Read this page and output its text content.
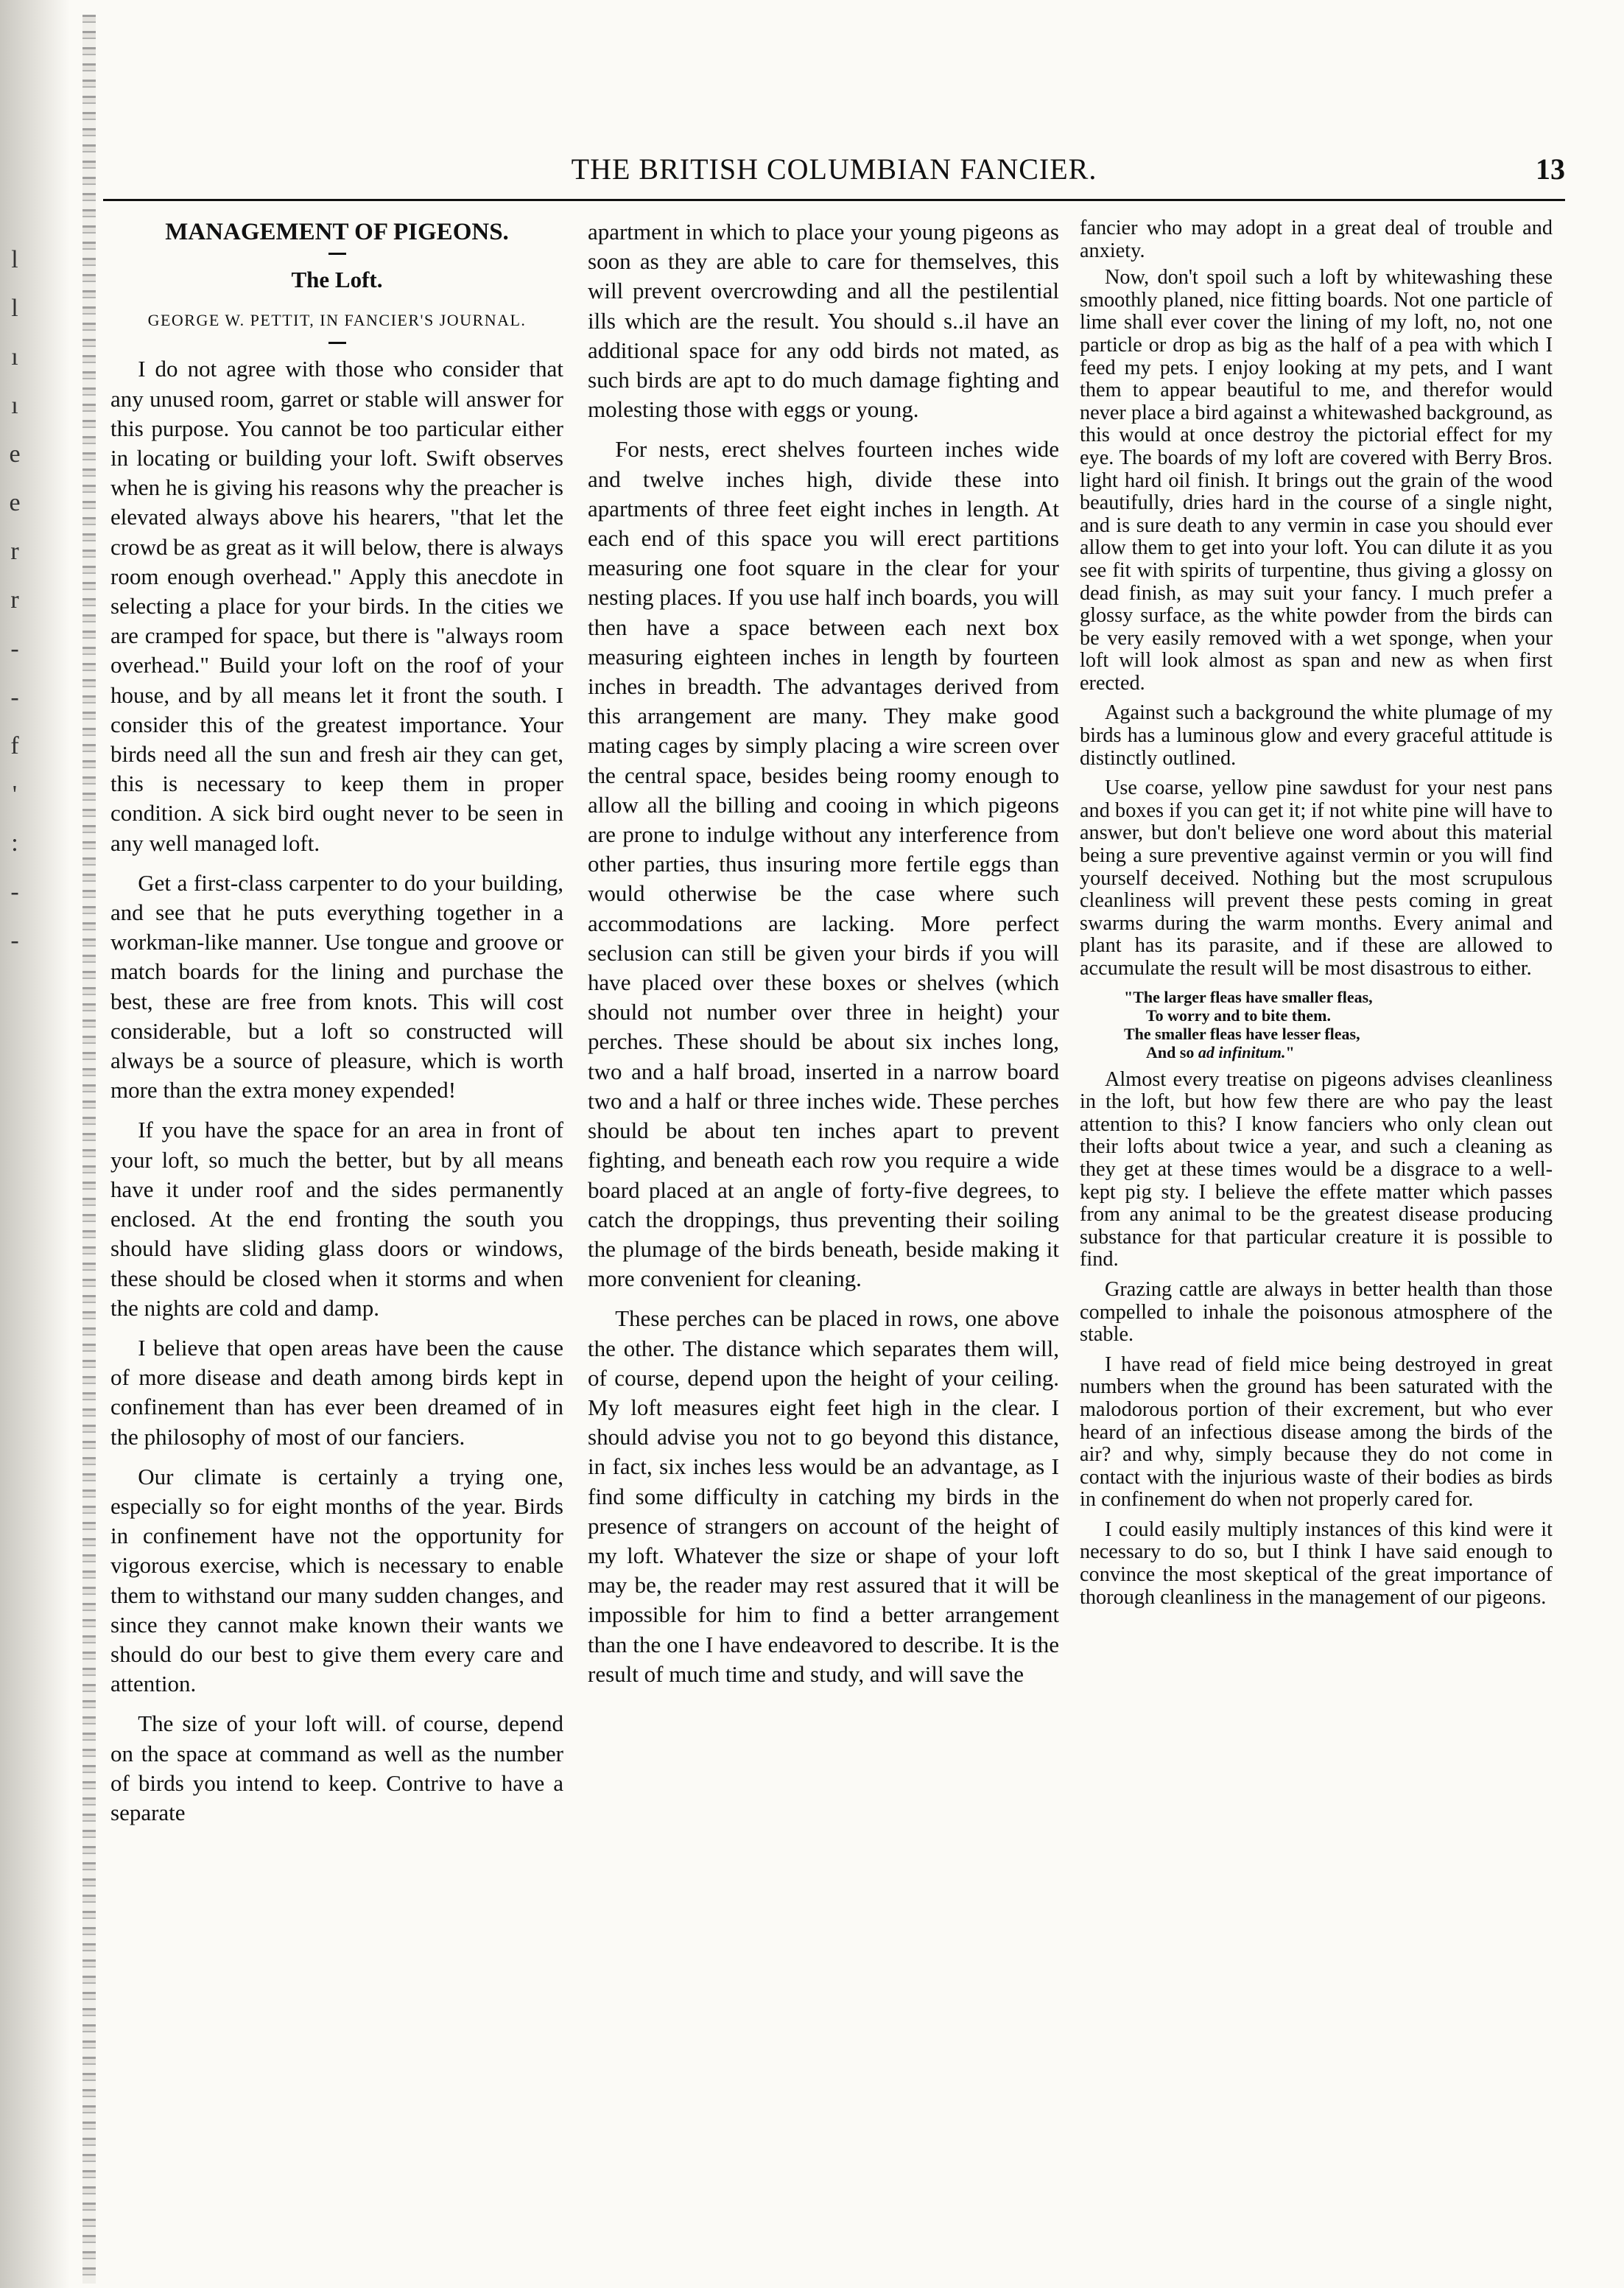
l
l
ı
ı
e
e
r
r
-
-
f
'
:
-
-
THE BRITISH COLUMBIAN FANCIER.	13
MANAGEMENT OF PIGEONS.
The Loft.
GEORGE W. PETTIT, IN FANCIER'S JOURNAL.

I do not agree with those who consider that any unused room, garret or stable will answer for this purpose. You cannot be too particular either in locating or building your loft. Swift observes when he is giving his reasons why the preacher is elevated always above his hearers, "that let the crowd be as great as it will below, there is always room enough overhead." Apply this anecdote in selecting a place for your birds. In the cities we are cramped for space, but there is "always room overhead." Build your loft on the roof of your house, and by all means let it front the south. I consider this of the greatest importance. Your birds need all the sun and fresh air they can get, this is necessary to keep them in proper condition. A sick bird ought never to be seen in any well managed loft.

Get a first-class carpenter to do your building, and see that he puts everything together in a workman-like manner. Use tongue and groove or match boards for the lining and purchase the best, these are free from knots. This will cost considerable, but a loft so constructed will always be a source of pleasure, which is worth more than the extra money expended!

If you have the space for an area in front of your loft, so much the better, but by all means have it under roof and the sides permanently enclosed. At the end fronting the south you should have sliding glass doors or windows, these should be closed when it storms and when the nights are cold and damp.

I believe that open areas have been the cause of more disease and death among birds kept in confinement than has ever been dreamed of in the philosophy of most of our fanciers.

Our climate is certainly a trying one, especially so for eight months of the year. Birds in confinement have not the opportunity for vigorous exercise, which is necessary to enable them to withstand our many sudden changes, and since they cannot make known their wants we should do our best to give them every care and attention.

The size of your loft will. of course, depend on the space at command as well as the number of birds you intend to keep. Contrive to have a separate

apartment in which to place your young pigeons as soon as they are able to care for themselves, this will prevent overcrowding and all the pestilential ills which are the result. You should s..il have an additional space for any odd birds not mated, as such birds are apt to do much damage fighting and molesting those with eggs or young.

For nests, erect shelves fourteen inches wide and twelve inches high, divide these into apartments of three feet eight inches in length. At each end of this space you will erect partitions measuring one foot square in the clear for your nesting places. If you use half inch boards, you will then have a space between each next box measuring eighteen inches in length by fourteen inches in breadth. The advantages derived from this arrangement are many. They make good mating cages by simply placing a wire screen over the central space, besides being roomy enough to allow all the billing and cooing in which pigeons are prone to indulge without any interference from other parties, thus insuring more fertile eggs than would otherwise be the case where such accommodations are lacking. More perfect seclusion can still be given your birds if you will have placed over these boxes or shelves (which should not number over three in height) your perches. These should be about six inches long, two and a half broad, inserted in a narrow board two and a half or three inches wide. These perches should be about ten inches apart to prevent fighting, and beneath each row you require a wide board placed at an angle of forty-five degrees, to catch the droppings, thus preventing their soiling the plumage of the birds beneath, beside making it more convenient for cleaning.

These perches can be placed in rows, one above the other. The distance which separates them will, of course, depend upon the height of your ceiling. My loft measures eight feet high in the clear. I should advise you not to go beyond this distance, in fact, six inches less would be an advantage, as I find some difficulty in catching my birds in the presence of strangers on account of the height of my loft. Whatever the size or shape of your loft may be, the reader may rest assured that it will be impossible for him to find a better arrangement than the one I have endeavored to describe. It is the result of much time and study, and will save the

fancier who may adopt in a great deal of trouble and anxiety.

Now, don't spoil such a loft by whitewashing these smoothly planed, nice fitting boards. Not one particle of lime shall ever cover the lining of my loft, no, not one particle or drop as big as the half of a pea with which I feed my pets. I enjoy looking at my pets, and I want them to appear beautiful to me, and therefor would never place a bird against a whitewashed background, as this would at once destroy the pictorial effect for my eye. The boards of my loft are covered with Berry Bros. light hard oil finish. It brings out the grain of the wood beautifully, dries hard in the course of a single night, and is sure death to any vermin in case you should ever allow them to get into your loft. You can dilute it as you see fit with spirits of turpentine, thus giving a glossy on dead finish, as may suit your fancy. I much prefer a glossy surface, as the white powder from the birds can be very easily removed with a wet sponge, when your loft will look almost as span and new as when first erected.

Against such a background the white plumage of my birds has a luminous glow and every graceful attitude is distinctly outlined.

Use coarse, yellow pine sawdust for your nest pans and boxes if you can get it; if not white pine will have to answer, but don't believe one word about this material being a sure preventive against vermin or you will find yourself deceived. Nothing but the most scrupulous cleanliness will prevent these pests coming in great swarms during the warm months. Every animal and plant has its parasite, and if these are allowed to accumulate the result will be most disastrous to either.

"The larger fleas have smaller fleas,
To worry and to bite them.
The smaller fleas have lesser fleas,
And so ad infinitum."

Almost every treatise on pigeons advises cleanliness in the loft, but how few there are who pay the least attention to this? I know fanciers who only clean out their lofts about twice a year, and such a cleaning as they get at these times would be a disgrace to a well-kept pig sty. I believe the effete matter which passes from any animal to be the greatest disease producing substance for that particular creature it is possible to find.

Grazing cattle are always in better health than those compelled to inhale the poisonous atmosphere of the stable.

I have read of field mice being destroyed in great numbers when the ground has been saturated with the malodorous portion of their excrement, but who ever heard of an infectious disease among the birds of the air? and why, simply because they do not come in contact with the injurious waste of their bodies as birds in confinement do when not properly cared for.

I could easily multiply instances of this kind were it necessary to do so, but I think I have said enough to convince the most skeptical of the great importance of thorough cleanliness in the management of our pigeons.
